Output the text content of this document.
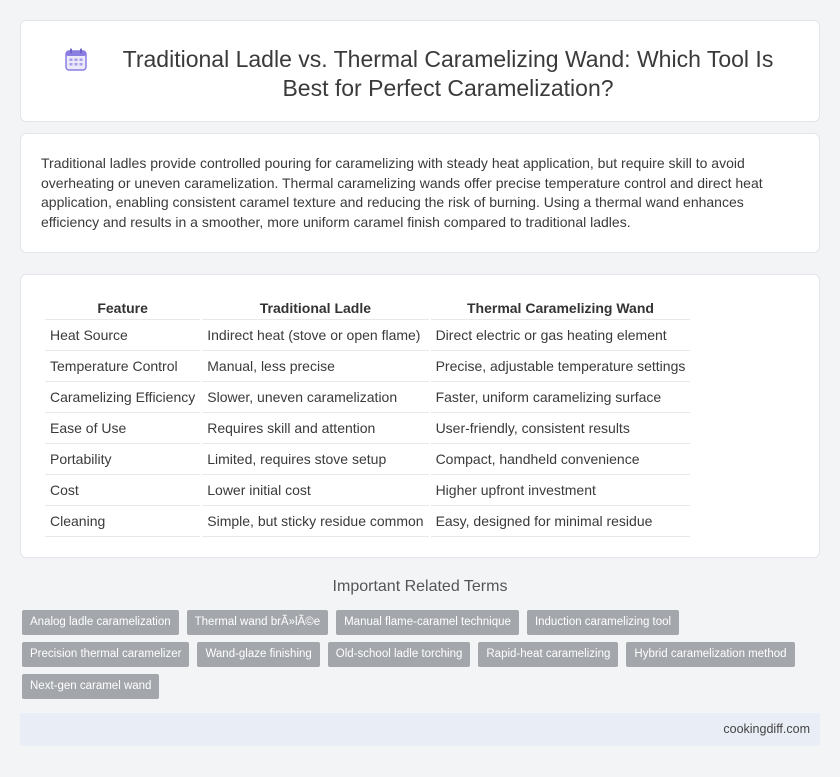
Traditional Ladle vs. Thermal Caramelizing Wand: Which Tool Is Best for Perfect Caramelization?

Traditional ladles provide controlled pouring for caramelizing with steady heat application, but require skill to avoid overheating or uneven caramelization. Thermal caramelizing wands offer precise temperature control and direct heat application, enabling consistent caramel texture and reducing the risk of burning. Using a thermal wand enhances efficiency and results in a smoother, more uniform caramel finish compared to traditional ladles.

Feature	Traditional Ladle	Thermal Caramelizing Wand
Heat Source	Indirect heat (stove or open flame)	Direct electric or gas heating element
Temperature Control	Manual, less precise	Precise, adjustable temperature settings
Caramelizing Efficiency	Slower, uneven caramelization	Faster, uniform caramelizing surface
Ease of Use	Requires skill and attention	User-friendly, consistent results
Portability	Limited, requires stove setup	Compact, handheld convenience
Cost	Lower initial cost	Higher upfront investment
Cleaning	Simple, but sticky residue common	Easy, designed for minimal residue
Important Related Terms
Analog ladle caramelization	Thermal wand brÃ»lÃ©e	Manual flame-caramel technique	Induction caramelizing tool
Precision thermal caramelizer	Wand-glaze finishing	Old-school ladle torching	Rapid-heat caramelizing	Hybrid caramelization method
Next-gen caramel wand
cookingdiff.com
